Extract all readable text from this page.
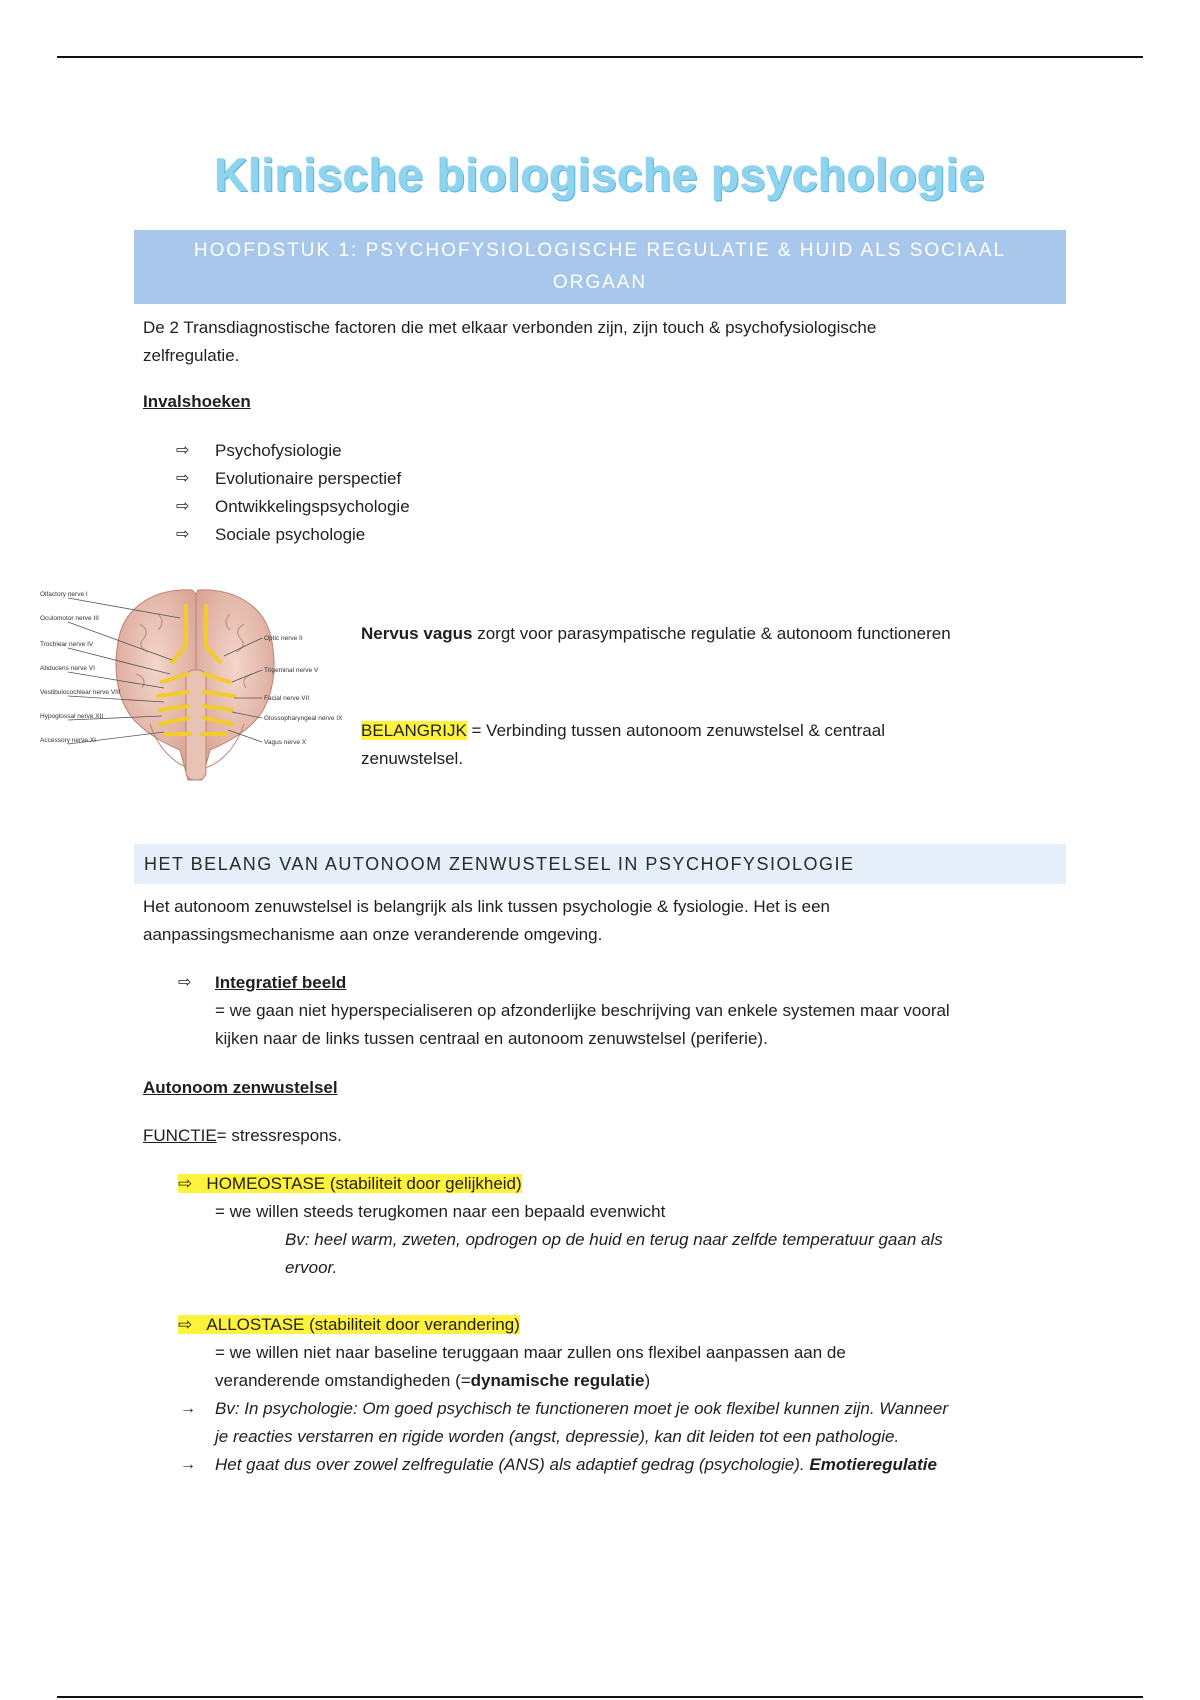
Klinische biologische psychologie
HOOFDSTUK 1: PSYCHOFYSIOLOGISCHE REGULATIE & HUID ALS SOCIAAL
ORGAAN
De 2 Transdiagnostische factoren die met elkaar verbonden zijn, zijn touch & psychofysiologische
zelfregulatie.
Invalshoeken
⇨	Psychofysiologie
⇨	Evolutionaire perspectief
⇨	Ontwikkelingspsychologie
⇨	Sociale psychologie
Olfactory nerve I
Oculomotor nerve III
Trochlear nerve IV
Abducens nerve VI
Vestibulocochlear nerve VIII
Hypoglossal nerve XII
Accessory nerve XI
Optic nerve II
Trigeminal nerve V
Facial nerve VII
Glossopharyngeal nerve IX
Vagus nerve X
Nervus vagus zorgt voor parasympatische regulatie & autonoom functioneren
BELANGRIJK = Verbinding tussen autonoom zenuwstelsel & centraal
zenuwstelsel.
HET BELANG VAN AUTONOOM ZENWUSTELSEL IN PSYCHOFYSIOLOGIE
Het autonoom zenuwstelsel is belangrijk als link tussen psychologie & fysiologie. Het is een
aanpassingsmechanisme aan onze veranderende omgeving.
⇨	Integratief beeld
= we gaan niet hyperspecialiseren op afzonderlijke beschrijving van enkele systemen maar vooral
kijken naar de links tussen centraal en autonoom zenuwstelsel (periferie).
Autonoom zenwustelsel
FUNCTIE= stressrespons.
⇨   HOMEOSTASE (stabiliteit door gelijkheid)
= we willen steeds terugkomen naar een bepaald evenwicht
Bv: heel warm, zweten, opdrogen op de huid en terug naar zelfde temperatuur gaan als
ervoor.
⇨   ALLOSTASE (stabiliteit door verandering)
= we willen niet naar baseline teruggaan maar zullen ons flexibel aanpassen aan de
veranderende omstandigheden (=dynamische regulatie)
→	Bv: In psychologie: Om goed psychisch te functioneren moet je ook flexibel kunnen zijn. Wanneer
je reacties verstarren en rigide worden (angst, depressie), kan dit leiden tot een pathologie.
→	Het gaat dus over zowel zelfregulatie (ANS) als adaptief gedrag (psychologie). Emotieregulatie
